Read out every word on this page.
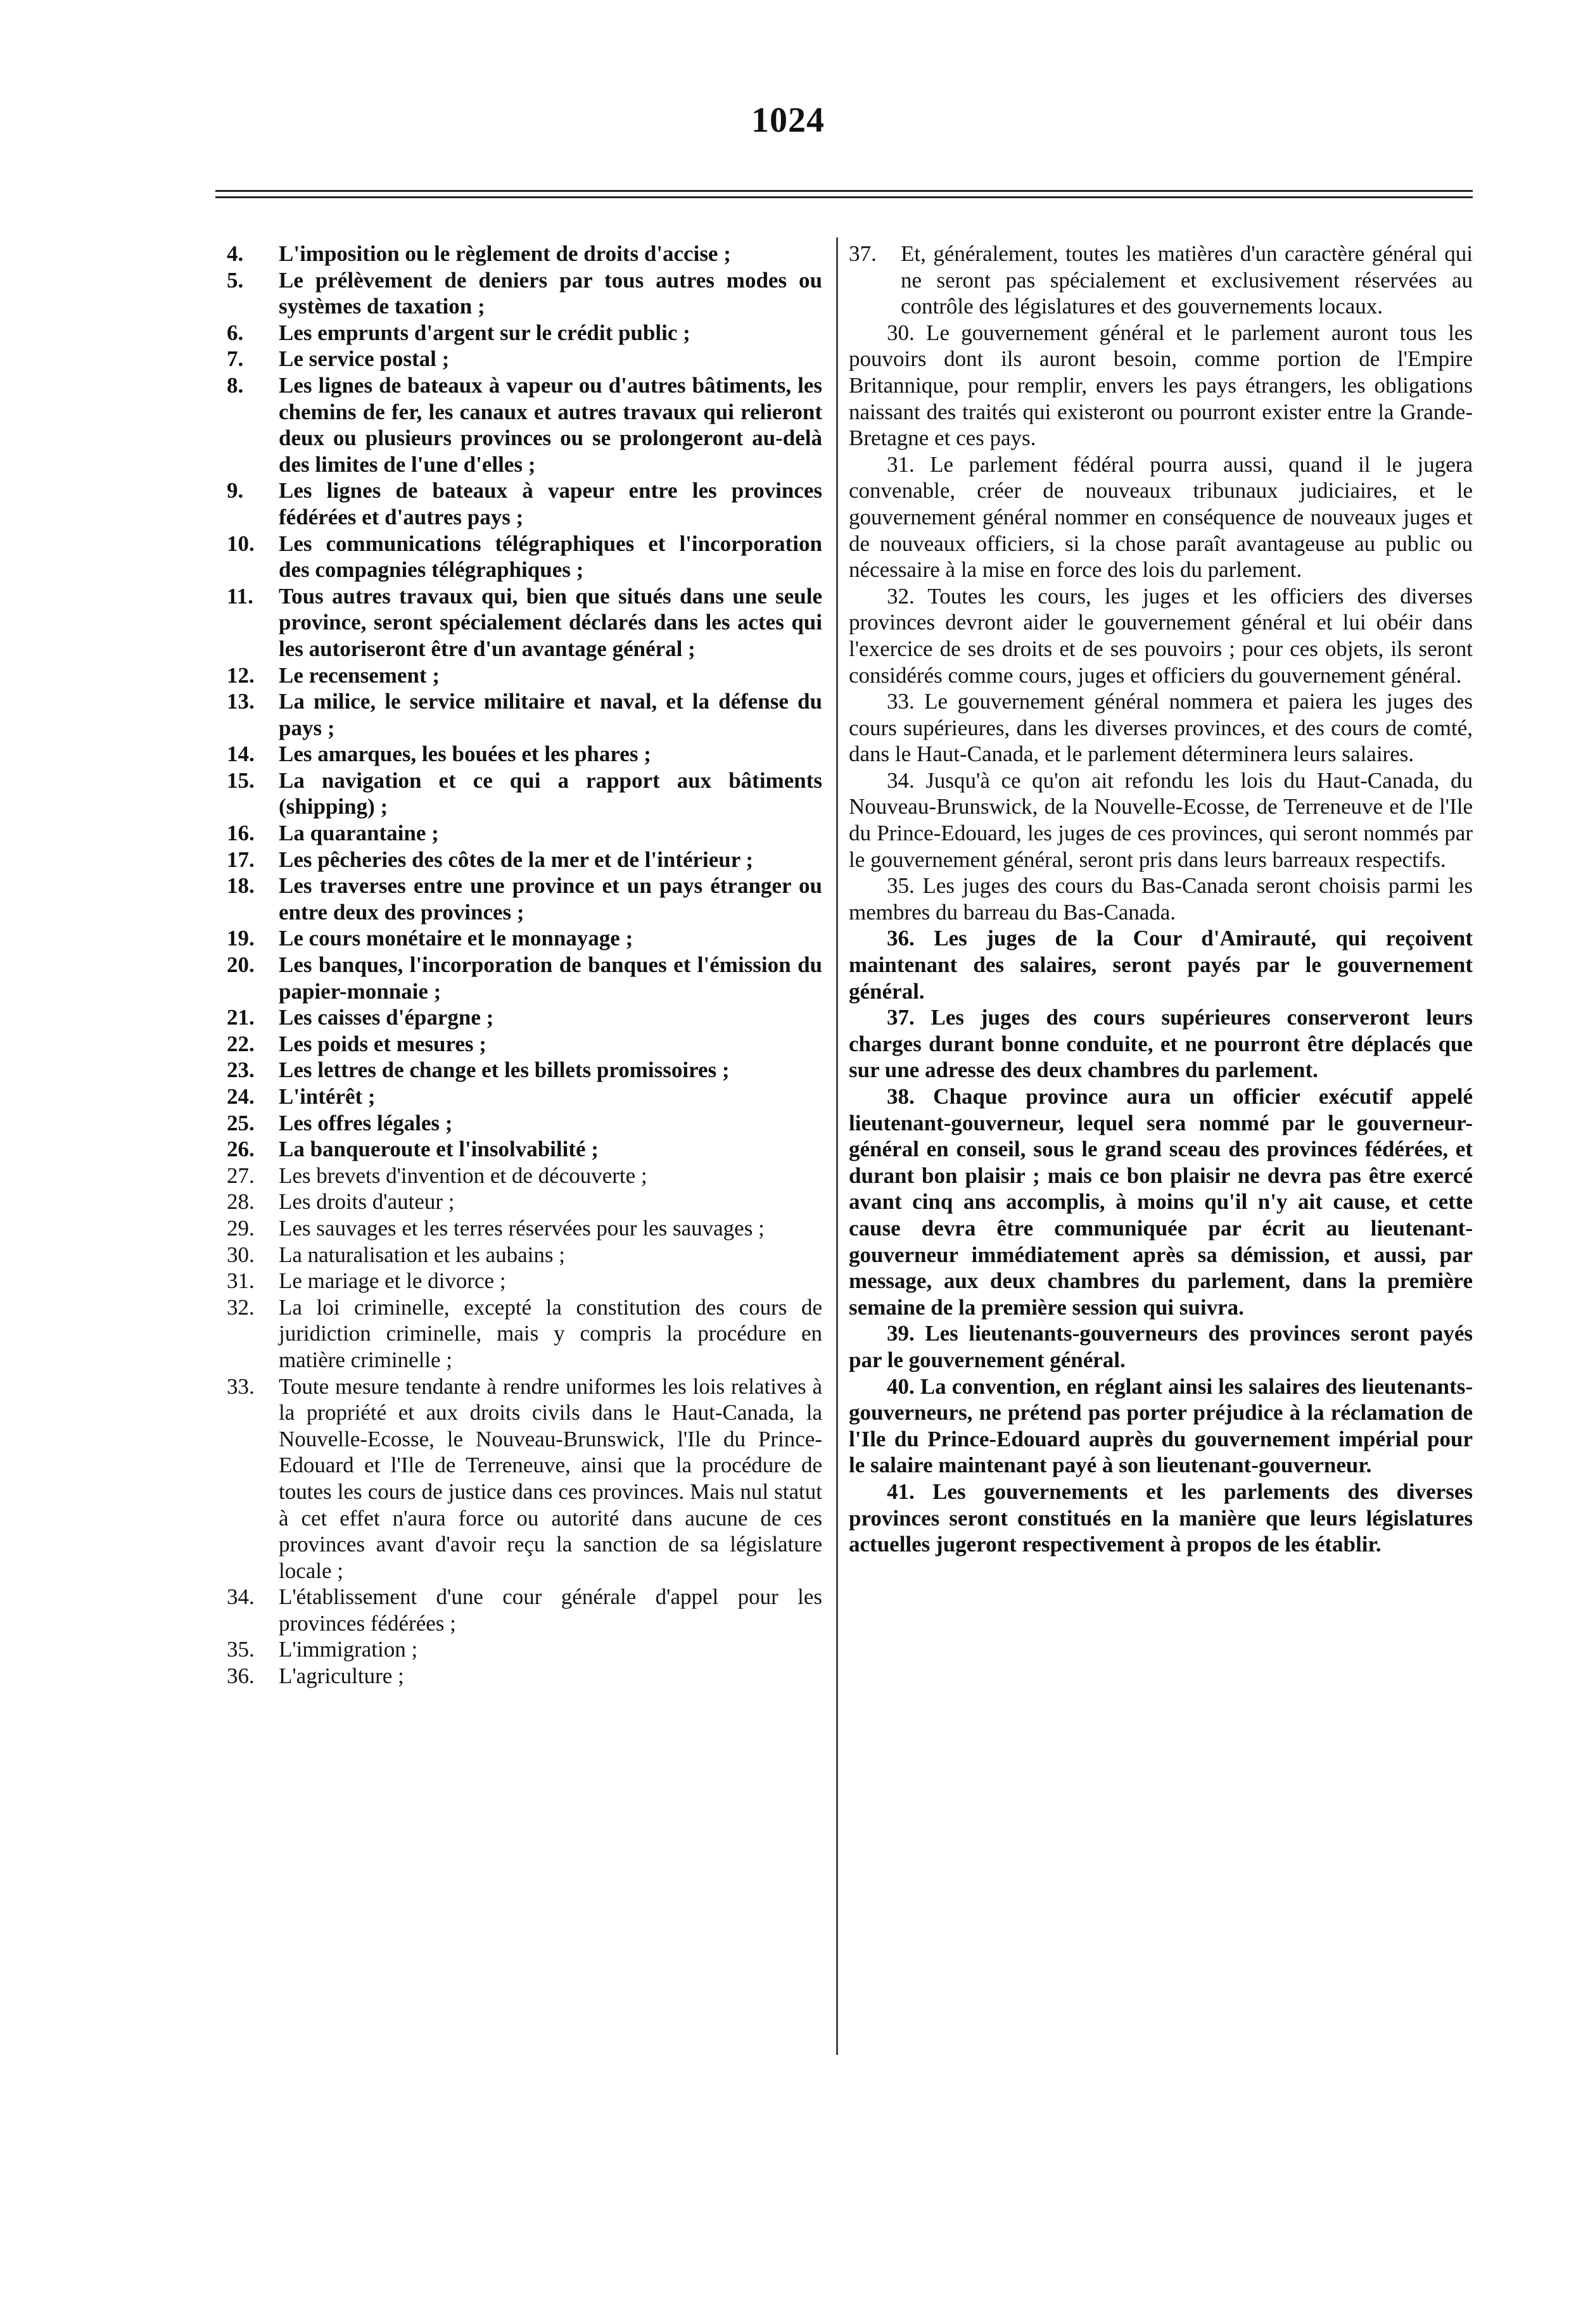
1024

4. L'imposition ou le règlement de droits d'accise ;

5. Le prélèvement de deniers par tous autres modes ou systèmes de taxation ;

6. Les emprunts d'argent sur le crédit public ;

7. Le service postal ;

8. Les lignes de bateaux à vapeur ou d'autres bâtiments, les chemins de fer, les canaux et autres travaux qui relieront deux ou plusieurs provinces ou se prolongeront au-delà des limites de l'une d'elles ;

9. Les lignes de bateaux à vapeur entre les provinces fédérées et d'autres pays ;

10. Les communications télégraphiques et l'incorporation des compagnies télégraphiques ;

11. Tous autres travaux qui, bien que situés dans une seule province, seront spécialement déclarés dans les actes qui les autoriseront être d'un avantage général ;

12. Le recensement ;

13. La milice, le service militaire et naval, et la défense du pays ;

14. Les amarques, les bouées et les phares ;

15. La navigation et ce qui a rapport aux bâtiments (shipping) ;

16. La quarantaine ;

17. Les pêcheries des côtes de la mer et de l'intérieur ;

18. Les traverses entre une province et un pays étranger ou entre deux des provinces ;

19. Le cours monétaire et le monnayage ;

20. Les banques, l'incorporation de banques et l'émission du papier-monnaie ;

21. Les caisses d'épargne ;

22. Les poids et mesures ;

23. Les lettres de change et les billets promissoires ;

24. L'intérêt ;

25. Les offres légales ;

26. La banqueroute et l'insolvabilité ;

27. Les brevets d'invention et de découverte ;

28. Les droits d'auteur ;

29. Les sauvages et les terres réservées pour les sauvages ;

30. La naturalisation et les aubains ;

31. Le mariage et le divorce ;

32. La loi criminelle, excepté la constitution des cours de juridiction criminelle, mais y compris la procédure en matière criminelle ;

33. Toute mesure tendante à rendre uniformes les lois relatives à la propriété et aux droits civils dans le Haut-Canada, la Nouvelle-Ecosse, le Nouveau-Brunswick, l'Ile du Prince-Edouard et l'Ile de Terreneuve, ainsi que la procédure de toutes les cours de justice dans ces provinces. Mais nul statut à cet effet n'aura force ou autorité dans aucune de ces provinces avant d'avoir reçu la sanction de sa législature locale ;

34. L'établissement d'une cour générale d'appel pour les provinces fédérées ;

35. L'immigration ;

36. L'agriculture ;

37. Et, généralement, toutes les matières d'un caractère général qui ne seront pas spécialement et exclusivement réservées au contrôle des législatures et des gouvernements locaux.

30. Le gouvernement général et le parlement auront tous les pouvoirs dont ils auront besoin, comme portion de l'Empire Britannique, pour remplir, envers les pays étrangers, les obligations naissant des traités qui existeront ou pourront exister entre la Grande-Bretagne et ces pays.

31. Le parlement fédéral pourra aussi, quand il le jugera convenable, créer de nouveaux tribunaux judiciaires, et le gouvernement général nommer en conséquence de nouveaux juges et de nouveaux officiers, si la chose paraît avantageuse au public ou nécessaire à la mise en force des lois du parlement.

32. Toutes les cours, les juges et les officiers des diverses provinces devront aider le gouvernement général et lui obéir dans l'exercice de ses droits et de ses pouvoirs ; pour ces objets, ils seront considérés comme cours, juges et officiers du gouvernement général.

33. Le gouvernement général nommera et paiera les juges des cours supérieures, dans les diverses provinces, et des cours de comté, dans le Haut-Canada, et le parlement déterminera leurs salaires.

34. Jusqu'à ce qu'on ait refondu les lois du Haut-Canada, du Nouveau-Brunswick, de la Nouvelle-Ecosse, de Terreneuve et de l'Ile du Prince-Edouard, les juges de ces provinces, qui seront nommés par le gouvernement général, seront pris dans leurs barreaux respectifs.

35. Les juges des cours du Bas-Canada seront choisis parmi les membres du barreau du Bas-Canada.

36. Les juges de la Cour d'Amirauté, qui reçoivent maintenant des salaires, seront payés par le gouvernement général.

37. Les juges des cours supérieures conserveront leurs charges durant bonne conduite, et ne pourront être déplacés que sur une adresse des deux chambres du parlement.

38. Chaque province aura un officier exécutif appelé lieutenant-gouverneur, lequel sera nommé par le gouverneur-général en conseil, sous le grand sceau des provinces fédérées, et durant bon plaisir ; mais ce bon plaisir ne devra pas être exercé avant cinq ans accomplis, à moins qu'il n'y ait cause, et cette cause devra être communiquée par écrit au lieutenant-gouverneur immédiatement après sa démission, et aussi, par message, aux deux chambres du parlement, dans la première semaine de la première session qui suivra.

39. Les lieutenants-gouverneurs des provinces seront payés par le gouvernement général.

40. La convention, en réglant ainsi les salaires des lieutenants-gouverneurs, ne prétend pas porter préjudice à la réclamation de l'Ile du Prince-Edouard auprès du gouvernement impérial pour le salaire maintenant payé à son lieutenant-gouverneur.

41. Les gouvernements et les parlements des diverses provinces seront constitués en la manière que leurs législatures actuelles jugeront respectivement à propos de les établir.
